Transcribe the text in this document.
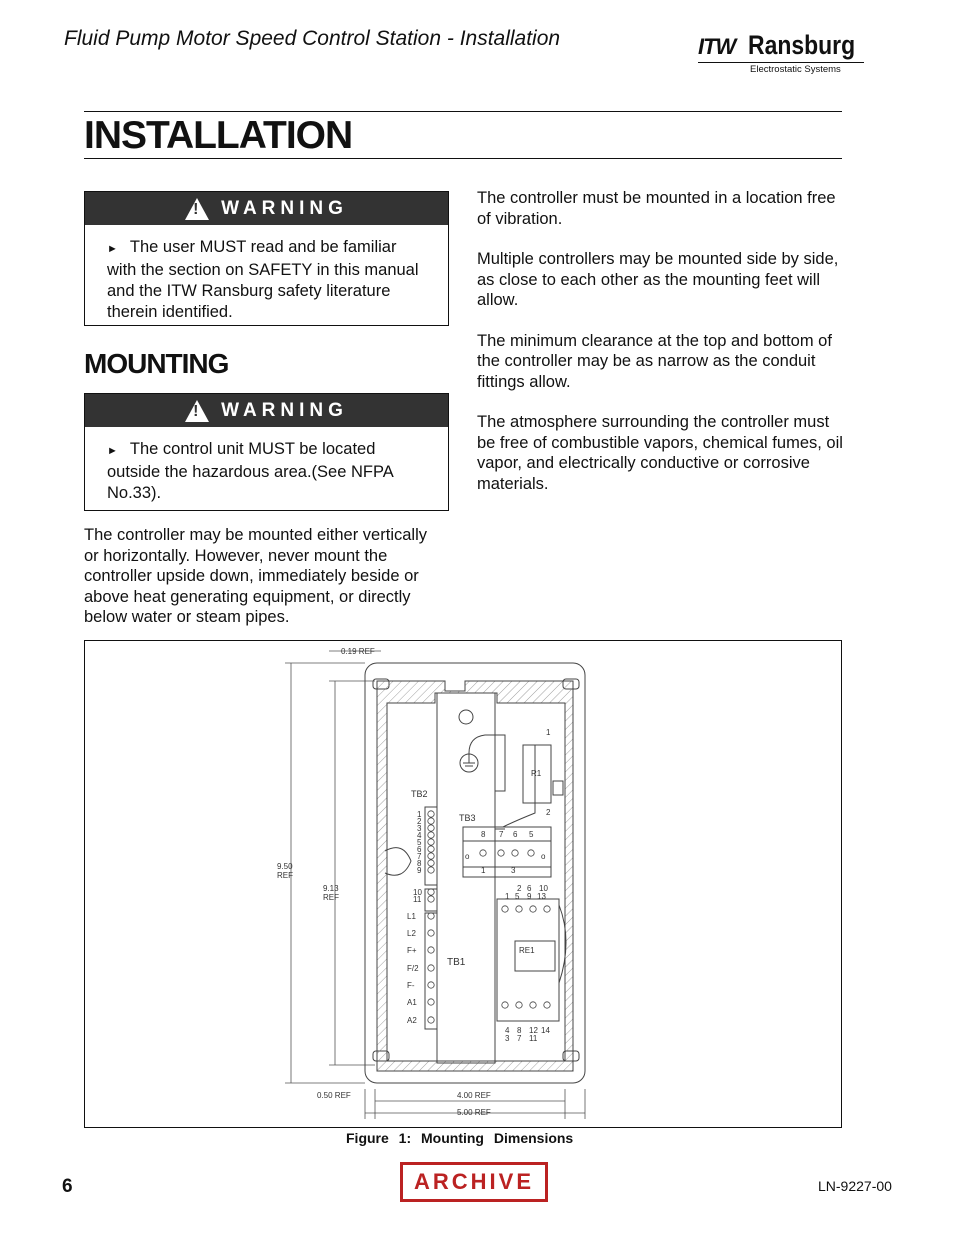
Fluid Pump Motor Speed Control Station - Installation	ITW Ransburg
Electrostatic Systems
INSTALLATION
! WARNING
► The user MUST read and be familiar with the section on SAFETY in this manual and the ITW Ransburg safety literature therein identified.
MOUNTING
! WARNING
► The control unit MUST be located outside the hazardous area.(See NFPA No.33).
The controller may be mounted either vertically or horizontally. However, never mount the controller upside down, immediately beside or above heat generating equipment, or directly below water or steam pipes.

The controller must be mounted in a location free of vibration.

Multiple controllers may be mounted side by side, as close to each other as the mounting feet will allow.

The minimum clearance at the top and bottom of the controller may be as narrow as the conduit fittings allow.

The atmosphere surrounding the controller must be free of combustible vapors, chemical fumes, oil vapor, and electrically conductive or corrosive materials.

0.19 REF
9.50
REF
9.13
REF
0.50 REF	4.00 REF
5.00 REF
TB2
TB3
TB1
R1
1
2
RE1
1
2
3
4
5
6
7
8
9
10
11
L1
L2
F+
F/2
F-
A1
A2
8 7 6 5
o	o
1	3
2 6 10
1 5 9 13
4 8 12 14
3 7 11
Figure 1: Mounting Dimensions
6	ARCHIVE	LN-9227-00
